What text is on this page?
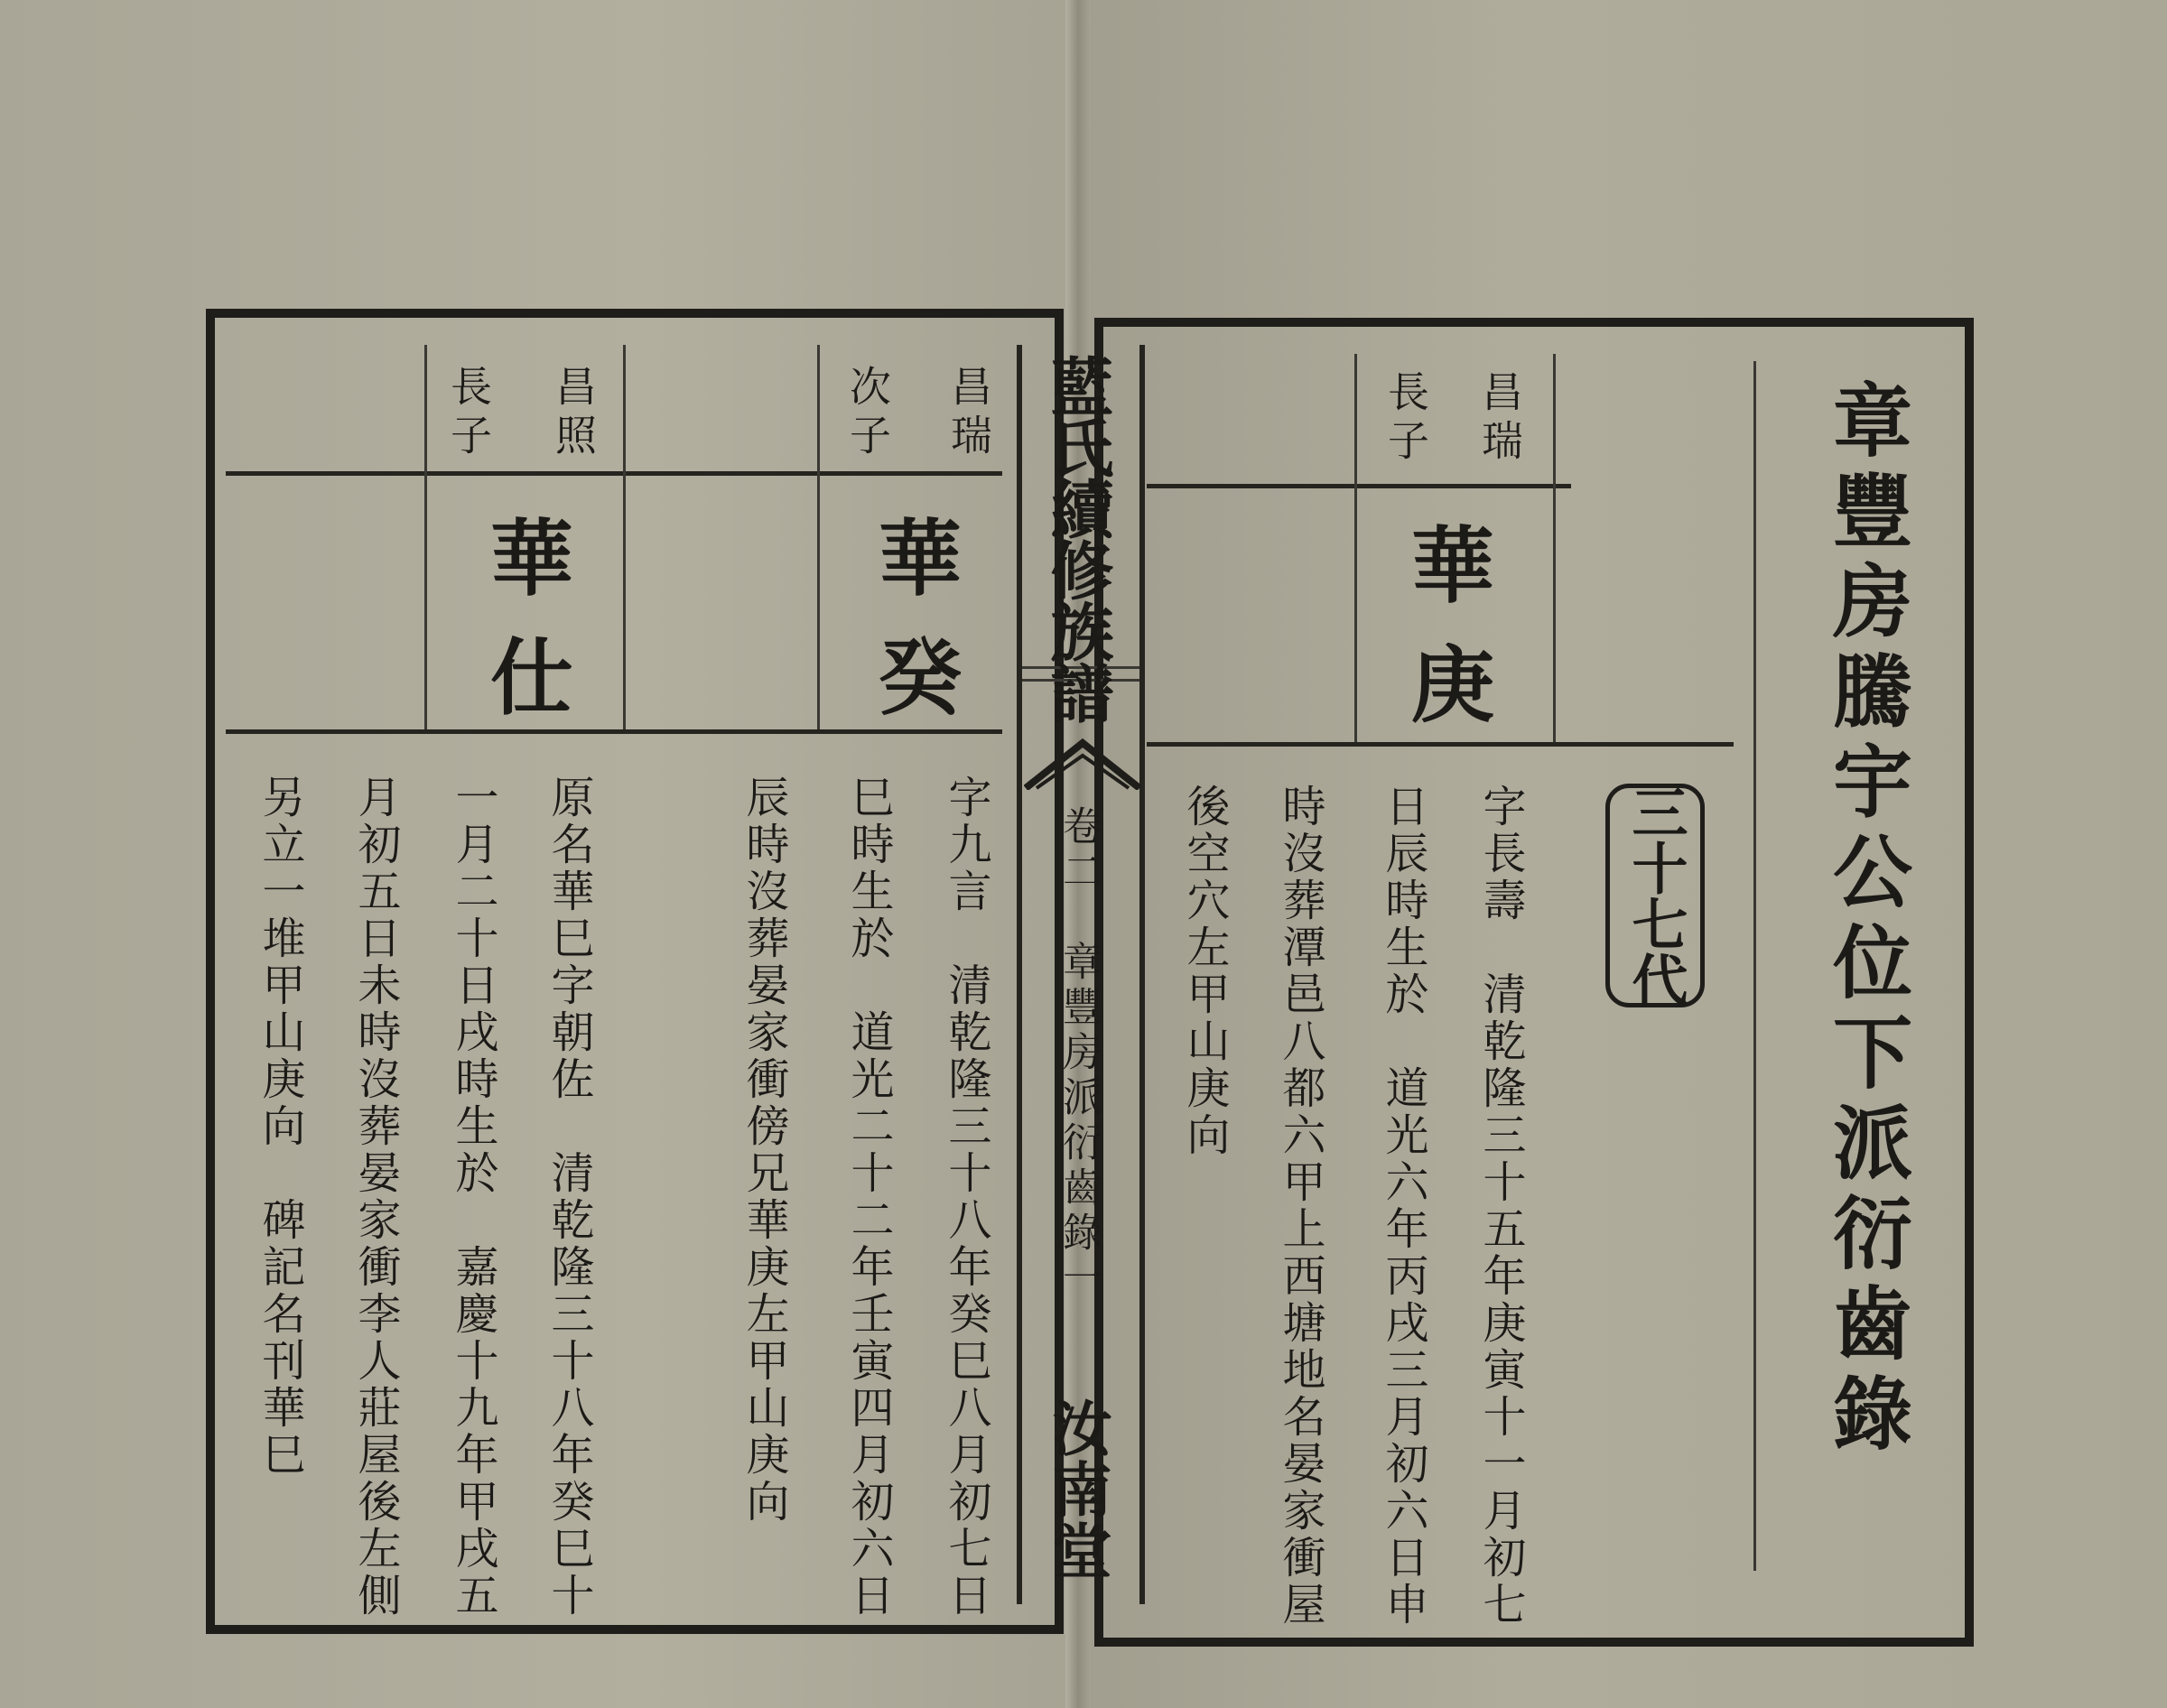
藍氏續修族譜
卷二　章豐房派衍齒錄
一
汝南堂
章豐房騰宇公位下派衍齒錄
三十七代
昌瑞
長子
華庚
字長壽　清乾隆三十五年庚寅十一月初七
日辰時生於　道光六年丙戌三月初六日申
時沒葬潭邑八都六甲上西塘地名晏家衝屋
後空穴左甲山庚向
昌瑞
次子
華癸
字九言　清乾隆三十八年癸巳八月初七日
巳時生於　道光二十二年壬寅四月初六日
辰時沒葬晏家衝傍兄華庚左甲山庚向
昌照
長子
華仕
原名華巳字朝佐　清乾隆三十八年癸巳十
一月二十日戌時生於　嘉慶十九年甲戌五
月初五日未時沒葬晏家衝李人莊屋後左側
另立一堆甲山庚向　碑記名刊華巳
